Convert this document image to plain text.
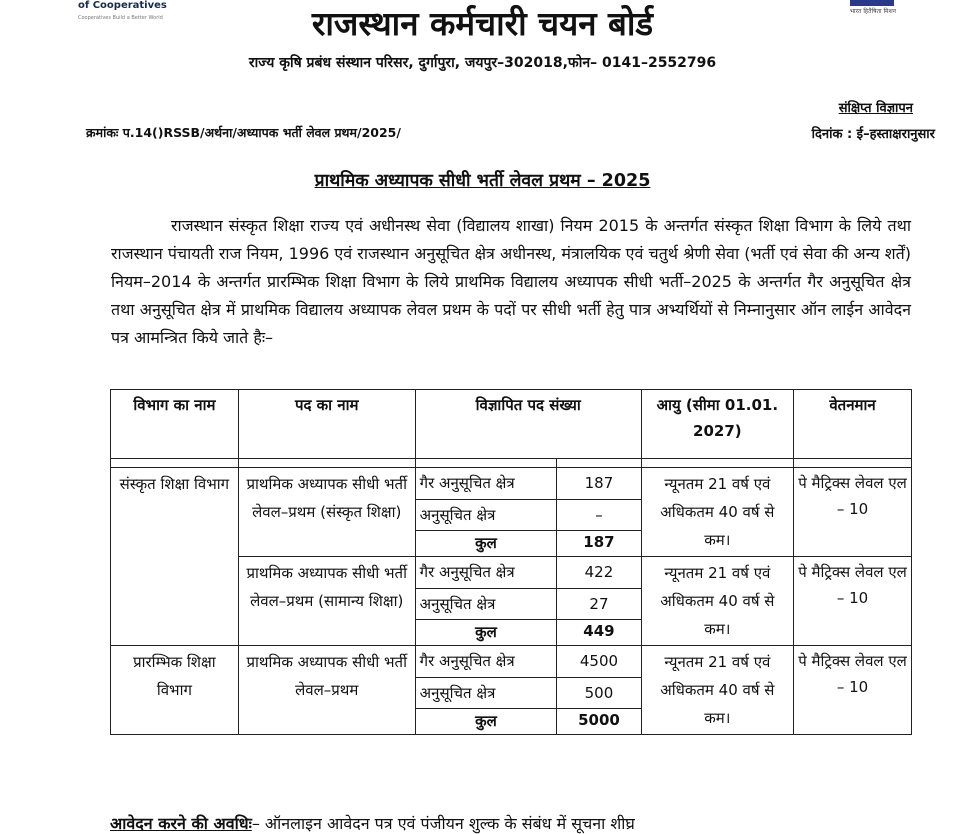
of Cooperatives
Cooperatives Build a Better World
भारत हितैषिता मिशन
राजस्थान कर्मचारी चयन बोर्ड
राज्य कृषि प्रबंध संस्थान परिसर, दुर्गापुरा, जयपुर–302018,फोन– 0141–2552796
संक्षिप्त विज्ञापन
क्रमांकः प.14()RSSB/अर्थना/अध्यापक भर्ती लेवल प्रथम/2025/	दिनांक : ई–हस्ताक्षरानुसार
प्राथमिक अध्यापक सीधी भर्ती लेवल प्रथम – 2025
राजस्थान संस्कृत शिक्षा राज्य एवं अधीनस्थ सेवा (विद्यालय शाखा) नियम 2015 के अन्तर्गत संस्कृत शिक्षा विभाग के लिये तथा राजस्थान पंचायती राज नियम, 1996 एवं राजस्थान अनुसूचित क्षेत्र अधीनस्थ, मंत्रालयिक एवं चतुर्थ श्रेणी सेवा (भर्ती एवं सेवा की अन्य शर्तें) नियम–2014 के अन्तर्गत प्रारम्भिक शिक्षा विभाग के लिये प्राथमिक विद्यालय अध्यापक सीधी भर्ती–2025 के अन्तर्गत गैर अनुसूचित क्षेत्र तथा अनुसूचित क्षेत्र में प्राथमिक विद्यालय अध्यापक लेवल प्रथम के पदों पर सीधी भर्ती हेतु पात्र अभ्यर्थियों से निम्नानुसार ऑन लाईन आवेदन पत्र आमन्त्रित किये जाते हैः–
विभाग का नाम	पद का नाम	विज्ञापित पद संख्या		आयु (सीमा 01.01. 2027)	वेतनमान

संस्कृत शिक्षा विभाग	प्राथमिक अध्यापक सीधी भर्ती लेवल–प्रथम (संस्कृत शिक्षा)	गैर अनुसूचित क्षेत्र	187	न्यूनतम 21 वर्ष एवं अधिकतम 40 वर्ष से कम।	पे मैट्रिक्स लेवल एल – 10
		अनुसूचित क्षेत्र	–		
		कुल	187		
	प्राथमिक अध्यापक सीधी भर्ती लेवल–प्रथम (सामान्य शिक्षा)	गैर अनुसूचित क्षेत्र	422	न्यूनतम 21 वर्ष एवं अधिकतम 40 वर्ष से कम।	पे मैट्रिक्स लेवल एल – 10
		अनुसूचित क्षेत्र	27		
		कुल	449		
प्रारम्भिक शिक्षा विभाग	प्राथमिक अध्यापक सीधी भर्ती लेवल–प्रथम	गैर अनुसूचित क्षेत्र	4500	न्यूनतम 21 वर्ष एवं अधिकतम 40 वर्ष से कम।	पे मैट्रिक्स लेवल एल – 10
		अनुसूचित क्षेत्र	500		
		कुल	5000		
आवेदन करने की अवधिः– ऑनलाइन आवेदन पत्र एवं पंजीयन शुल्क के संबंध में सूचना शीघ्र
